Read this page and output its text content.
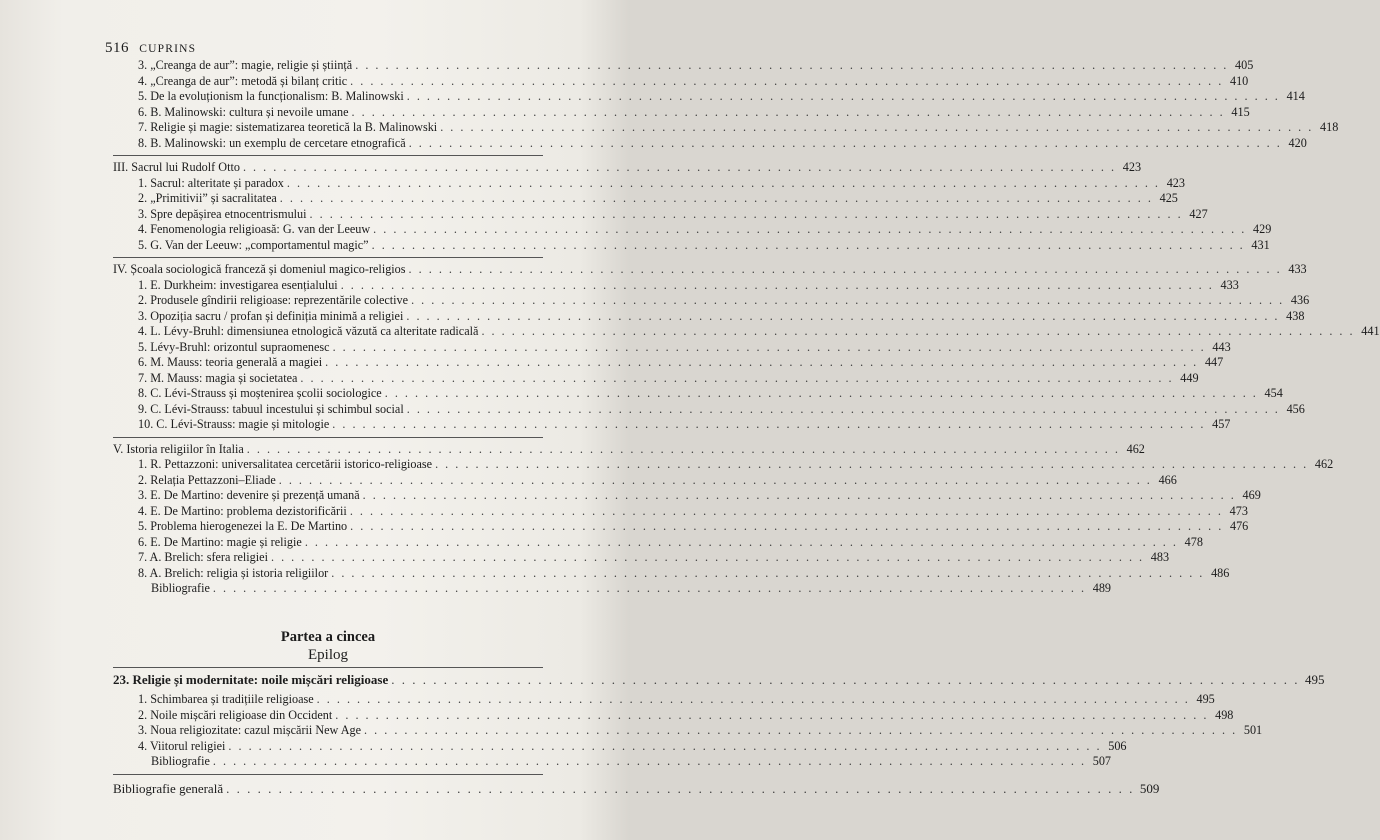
516 CUPRINS
3. „Creanga de aur”: magie, religie și știință . . .	405
4. „Creanga de aur”: metodă și bilanț critic . . .	410
5. De la evoluționism la funcționalism: B. Malinowski . . .	414
6. B. Malinowski: cultura și nevoile umane . . .	415
7. Religie și magie: sistematizarea teoretică la B. Malinowski . . .	418
8. B. Malinowski: un exemplu de cercetare etnografică . . .	420
III. Sacrul lui Rudolf Otto . . .	423
1. Sacrul: alteritate și paradox . . .	423
2. „Primitivii” și sacralitatea . . .	425
3. Spre depășirea etnocentrismului . . .	427
4. Fenomenologia religioasă: G. van der Leeuw . . .	429
5. G. Van der Leeuw: „comportamentul magic” . . .	431
IV. Școala sociologică franceză și domeniul magico-religios . . .	433
1. E. Durkheim: investigarea esențialului . . .	433
2. Produsele gîndirii religioase: reprezentările colective . . .	436
3. Opoziția sacru / profan și definiția minimă a religiei . . .	438
4. L. Lévy-Bruhl: dimensiunea etnologică văzută ca alteritate radicală . . .	441
5. Lévy-Bruhl: orizontul supraomenesc . . .	443
6. M. Mauss: teoria generală a magiei . . .	447
7. M. Mauss: magia și societatea . . .	449
8. C. Lévi-Strauss și moștenirea școlii sociologice . . .	454
9. C. Lévi-Strauss: tabuul incestului și schimbul social . . .	456
10. C. Lévi-Strauss: magie și mitologie . . .	457
V. Istoria religiilor în Italia . . .	462
1. R. Pettazzoni: universalitatea cercetării istorico-religioase . . .	462
2. Relația Pettazzoni–Eliade . . .	466
3. E. De Martino: devenire și prezență umană . . .	469
4. E. De Martino: problema dezistorificării . . .	473
5. Problema hierogenezei la E. De Martino . . .	476
6. E. De Martino: magie și religie . . .	478
7. A. Brelich: sfera religiei . . .	483
8. A. Brelich: religia și istoria religiilor . . .	486
Bibliografie . . .	489
Partea a cincea
Epilog
23. Religie și modernitate: noile mișcări religioase . . .	495
1. Schimbarea și tradițiile religioase . . .	495
2. Noile mișcări religioase din Occident . . .	498
3. Noua religiozitate: cazul mișcării New Age . . .	501
4. Viitorul religiei . . .	506
Bibliografie . . .	507
Bibliografie generală . . .	509
